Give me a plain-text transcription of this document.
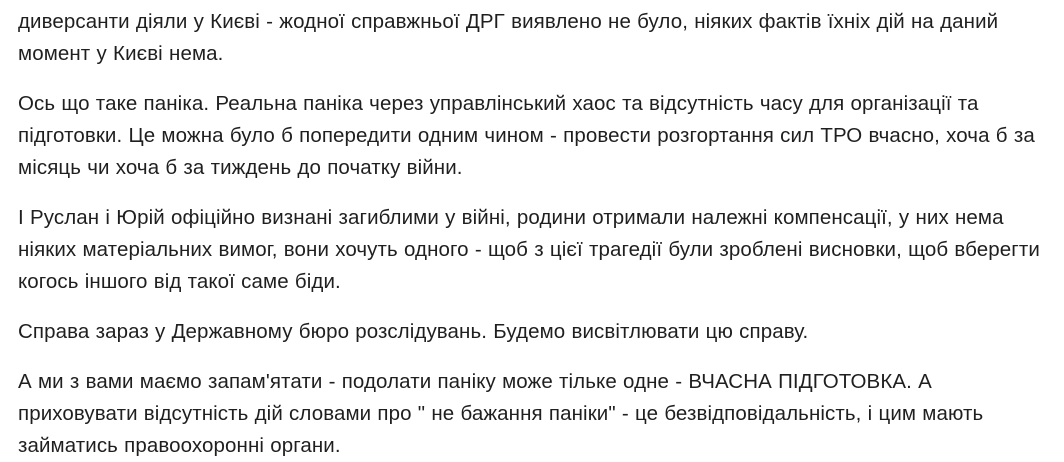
диверсанти діяли у Києві - жодної справжньої ДРГ виявлено не було, ніяких фактів їхніх дій на даний момент у Києві нема.

Ось що таке паніка. Реальна паніка через управлінський хаос та відсутність часу для організації та підготовки. Це можна було б попередити одним чином - провести розгортання сил ТРО вчасно, хоча б за місяць чи хоча б за тиждень до початку війни.

І Руслан і Юрій офіційно визнані загиблими у війні, родини отримали належні компенсації, у них нема ніяких матеріальних вимог, вони хочуть одного - щоб з цієї трагедії були зроблені висновки, щоб вберегти когось іншого від такої саме біди.

Справа зараз у Державному бюро розслідувань. Будемо висвітлювати цю справу.

А ми з вами маємо запам'ятати - подолати паніку може тільке одне - ВЧАСНА ПІДГОТОВКА. А приховувати відсутність дій словами про " не бажання паніки" - це безвідповідальність, і цим мають займатись правоохоронні органи.
